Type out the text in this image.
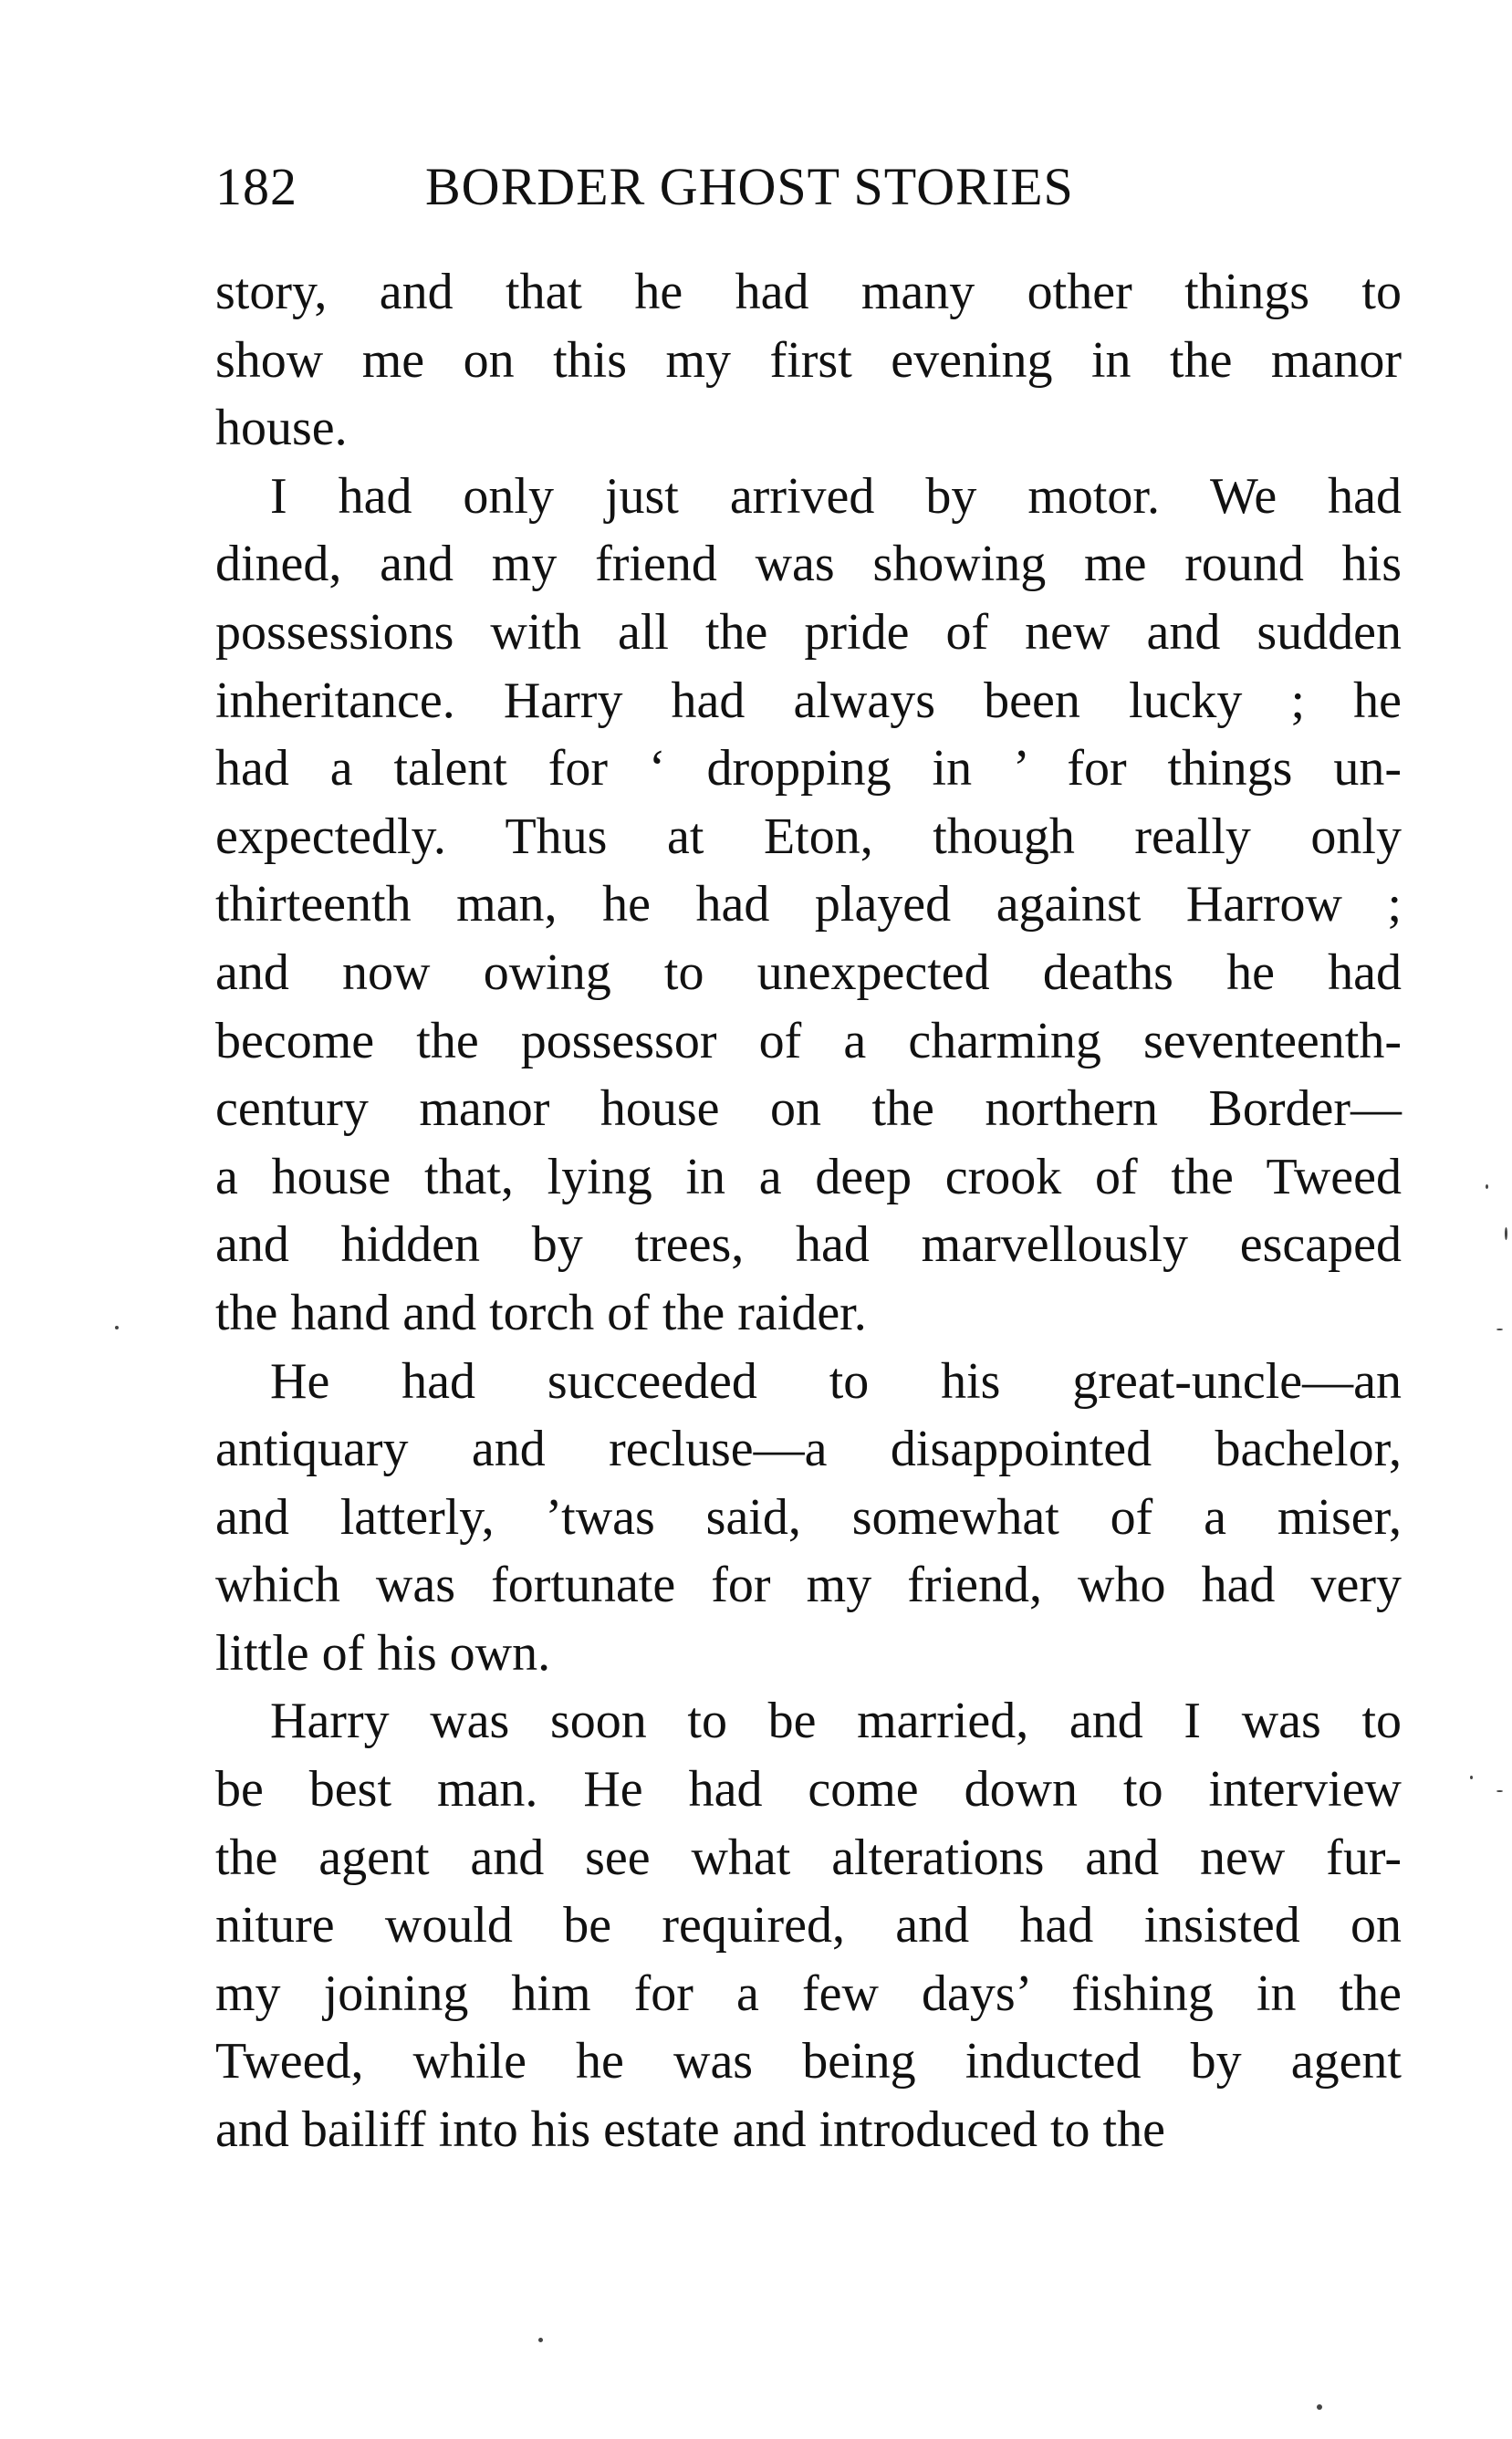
182 BORDER GHOST STORIES
story, and that he had many other things to
show me on this my first evening in the manor
house.
I had only just arrived by motor. We had
dined, and my friend was showing me round his
possessions with all the pride of new and sudden
inheritance. Harry had always been lucky ; he
had a talent for ‘ dropping in ’ for things un-
expectedly. Thus at Eton, though really only
thirteenth man, he had played against Harrow ;
and now owing to unexpected deaths he had
become the possessor of a charming seventeenth-
century manor house on the northern Border—
a house that, lying in a deep crook of the Tweed
and hidden by trees, had marvellously escaped
the hand and torch of the raider.
He had succeeded to his great-uncle—an
antiquary and recluse—a disappointed bachelor,
and latterly, ’twas said, somewhat of a miser,
which was fortunate for my friend, who had very
little of his own.
Harry was soon to be married, and I was to
be best man. He had come down to interview
the agent and see what alterations and new fur-
niture would be required, and had insisted on
my joining him for a few days’ fishing in the
Tweed, while he was being inducted by agent
and bailiff into his estate and introduced to the
